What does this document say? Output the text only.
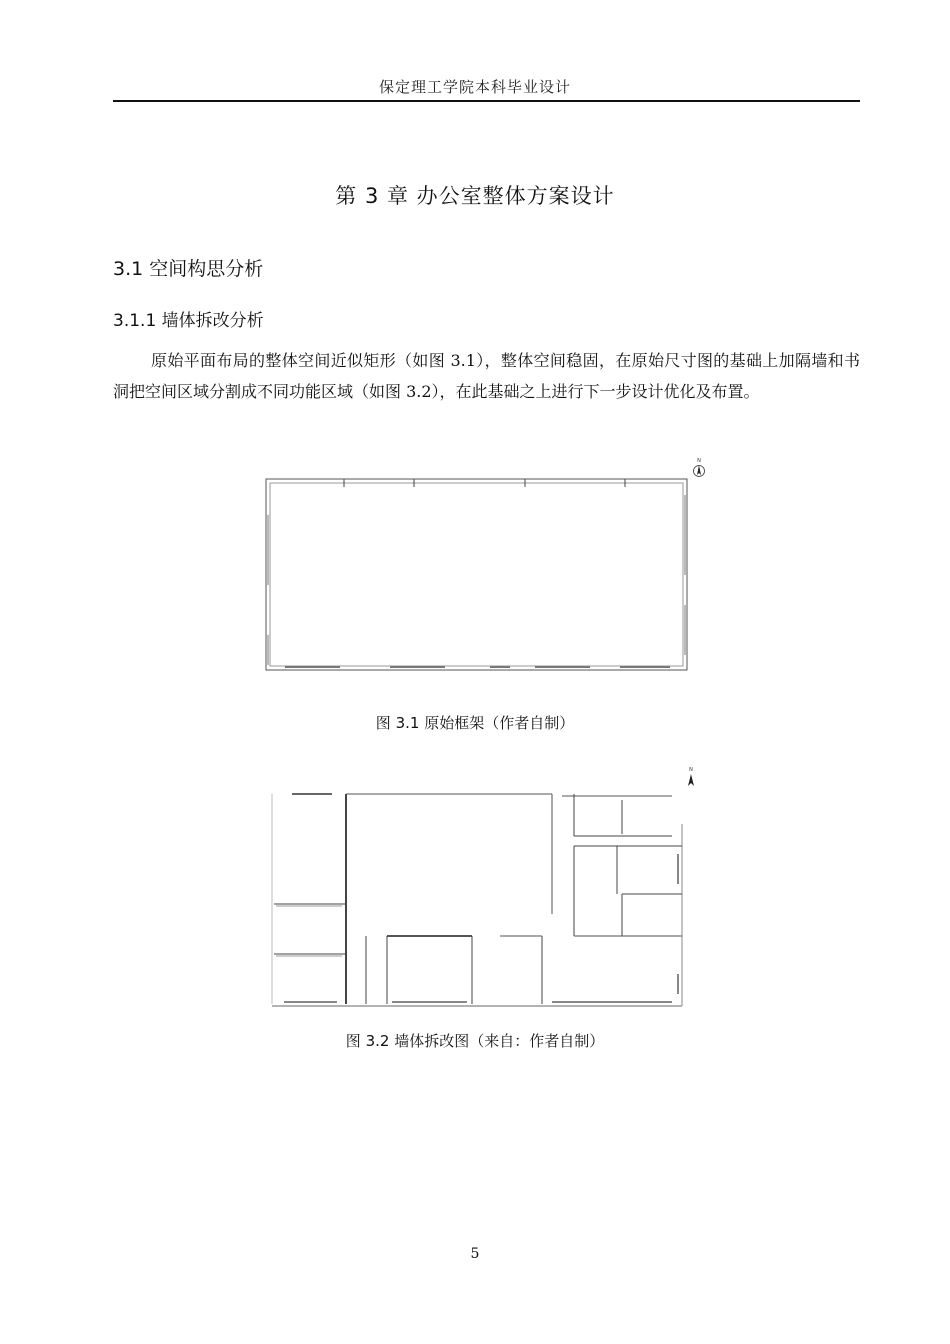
保定理工学院本科毕业设计
第 3 章 办公室整体方案设计
3.1 空间构思分析
3.1.1 墙体拆改分析
原始平面布局的整体空间近似矩形（如图 3.1），整体空间稳固，在原始尺寸图的基础上加隔墙和书洞把空间区域分割成不同功能区域（如图 3.2），在此基础之上进行下一步设计优化及布置。
N
图 3.1 原始框架（作者自制）
N
图 3.2 墙体拆改图（来自：作者自制）
5
